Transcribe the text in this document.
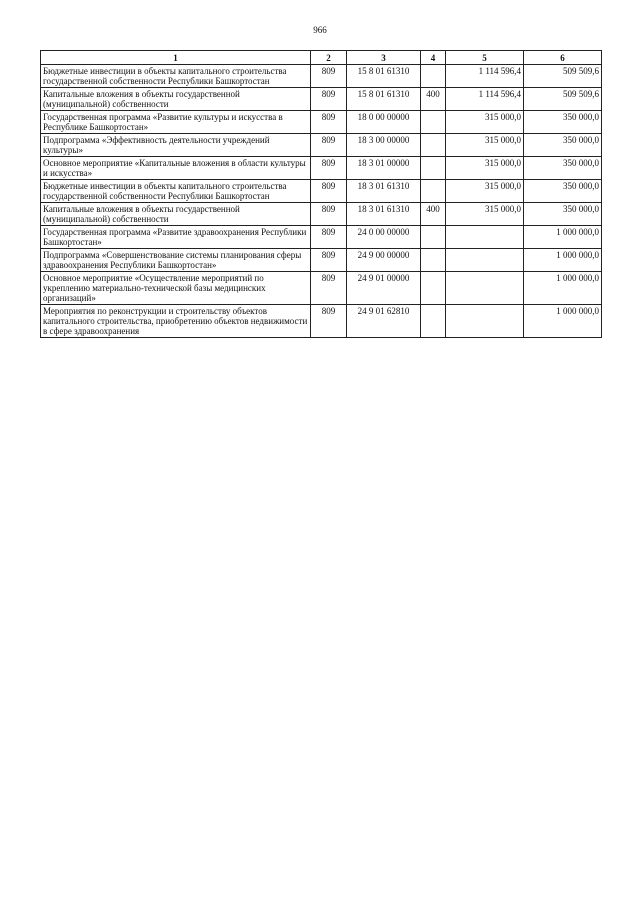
966
1	2	3	4	5	6
Бюджетные инвестиции в объекты капитального строительства государственной собственности Республики Башкортостан	809	15 8 01 61310		1 114 596,4	509 509,6
Капитальные вложения в объекты государственной (муниципальной) собственности	809	15 8 01 61310	400	1 114 596,4	509 509,6
Государственная программа «Развитие культуры и искусства в Республике Башкортостан»	809	18 0 00 00000		315 000,0	350 000,0
Подпрограмма «Эффективность деятельности учреждений культуры»	809	18 3 00 00000		315 000,0	350 000,0
Основное мероприятие «Капитальные вложения в области культуры и искусства»	809	18 3 01 00000		315 000,0	350 000,0
Бюджетные инвестиции в объекты капитального строительства государственной собственности Республики Башкортостан	809	18 3 01 61310		315 000,0	350 000,0
Капитальные вложения в объекты государственной (муниципальной) собственности	809	18 3 01 61310	400	315 000,0	350 000,0
Государственная программа «Развитие здравоохранения Республики Башкортостан»	809	24 0 00 00000			1 000 000,0
Подпрограмма «Совершенствование системы планирования сферы здравоохранения Республики Башкортостан»	809	24 9 00 00000			1 000 000,0
Основное мероприятие «Осуществление мероприятий по укреплению материально-технической базы медицинских организаций»	809	24 9 01 00000			1 000 000,0
Мероприятия по реконструкции и строительству объектов капитального строительства, приобретению объектов недвижимости в сфере здравоохранения	809	24 9 01 62810			1 000 000,0
